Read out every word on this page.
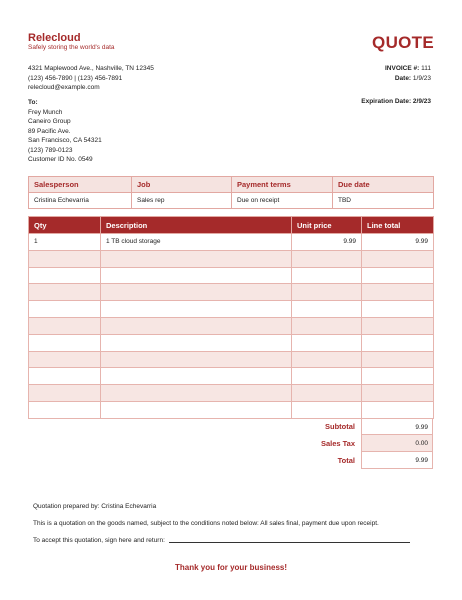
Relecloud
Safely storing the world's data	QUOTE
4321 Maplewood Ave., Nashville, TN 12345
(123) 456-7890 | (123) 456-7891
relecloud@example.com
INVOICE #: 111
Date: 1/9/23
To:
Frey Munch
Caneiro Group
89 Pacific Ave.
San Francisco, CA 54321
(123) 789-0123
Customer ID No. 0549
Expiration Date: 2/9/23
Salesperson	Job	Payment terms	Due date
Cristina Echevarria	Sales rep	Due on receipt	TBD
Qty	Description	Unit price	Line total
1	1 TB cloud storage	9.99	9.99

Subtotal	9.99
Sales Tax	0.00
Total	9.99
Quotation prepared by: Cristina Echevarria
This is a quotation on the goods named, subject to the conditions noted below: All sales final, payment due upon receipt.
To accept this quotation, sign here and return:
Thank you for your business!
